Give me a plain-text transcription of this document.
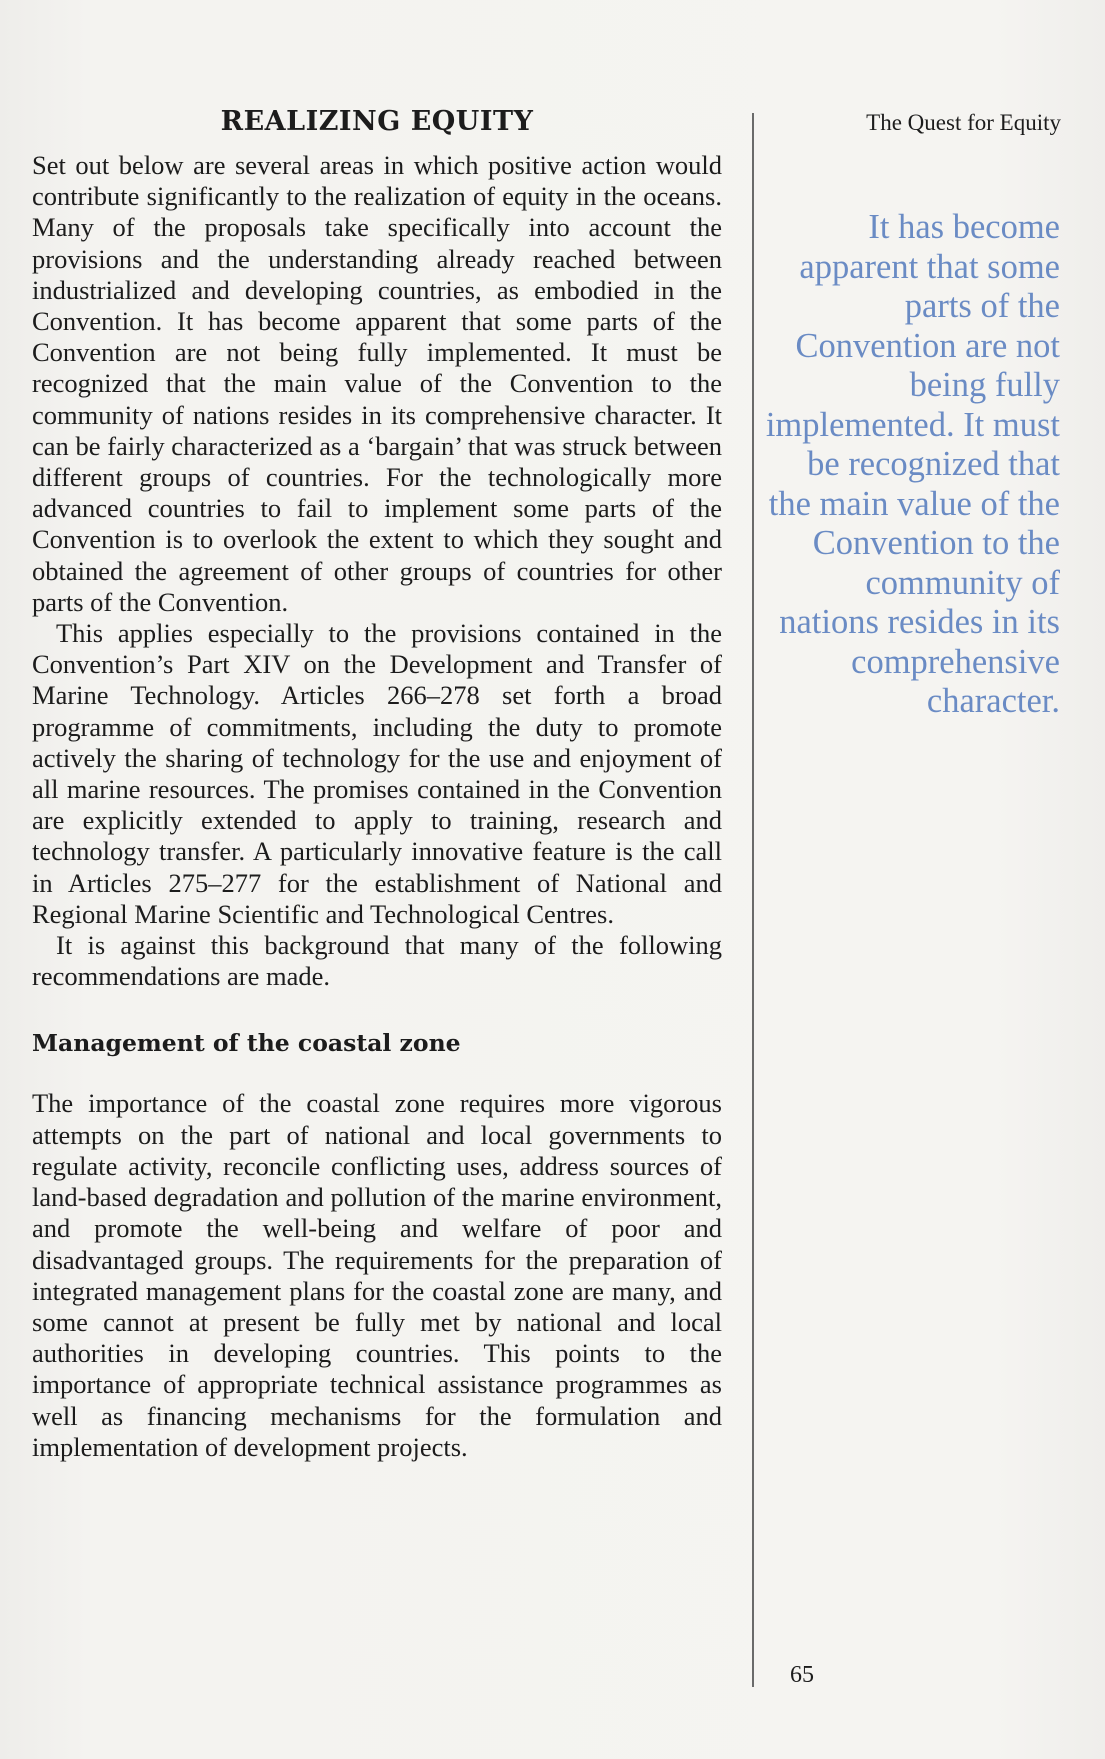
REALIZING EQUITY

Set out below are several areas in which positive action would contribute significantly to the realization of equity in the oceans. Many of the proposals take specifically into account the provisions and the understanding already reached between industrialized and developing countries, as embodied in the Convention. It has become apparent that some parts of the Convention are not being fully implemented. It must be recognized that the main value of the Convention to the community of nations resides in its comprehensive character. It can be fairly characterized as a ‘bargain’ that was struck between different groups of countries. For the technologically more advanced countries to fail to implement some parts of the Convention is to overlook the extent to which they sought and obtained the agreement of other groups of countries for other parts of the Convention.

This applies especially to the provisions contained in the Convention’s Part XIV on the Development and Transfer of Marine Technology. Articles 266–278 set forth a broad programme of commitments, including the duty to promote actively the sharing of technology for the use and enjoyment of all marine resources. The promises contained in the Convention are explicitly extended to apply to training, research and technology transfer. A particularly innovative feature is the call in Articles 275–277 for the establishment of National and Regional Marine Scientific and Technological Centres.

It is against this background that many of the following recommendations are made.

Management of the coastal zone

The importance of the coastal zone requires more vigorous attempts on the part of national and local governments to regulate activity, reconcile conflicting uses, address sources of land-based degradation and pollution of the marine environment, and promote the well-being and welfare of poor and disadvantaged groups. The requirements for the preparation of integrated management plans for the coastal zone are many, and some cannot at present be fully met by national and local authorities in developing countries. This points to the importance of appropriate technical assistance programmes as well as financing mechanisms for the formulation and implementation of development projects.

The Quest for Equity
It has become apparent that some parts of the Convention are not being fully implemented. It must be recognized that the main value of the Convention to the community of nations resides in its comprehensive character.
65
